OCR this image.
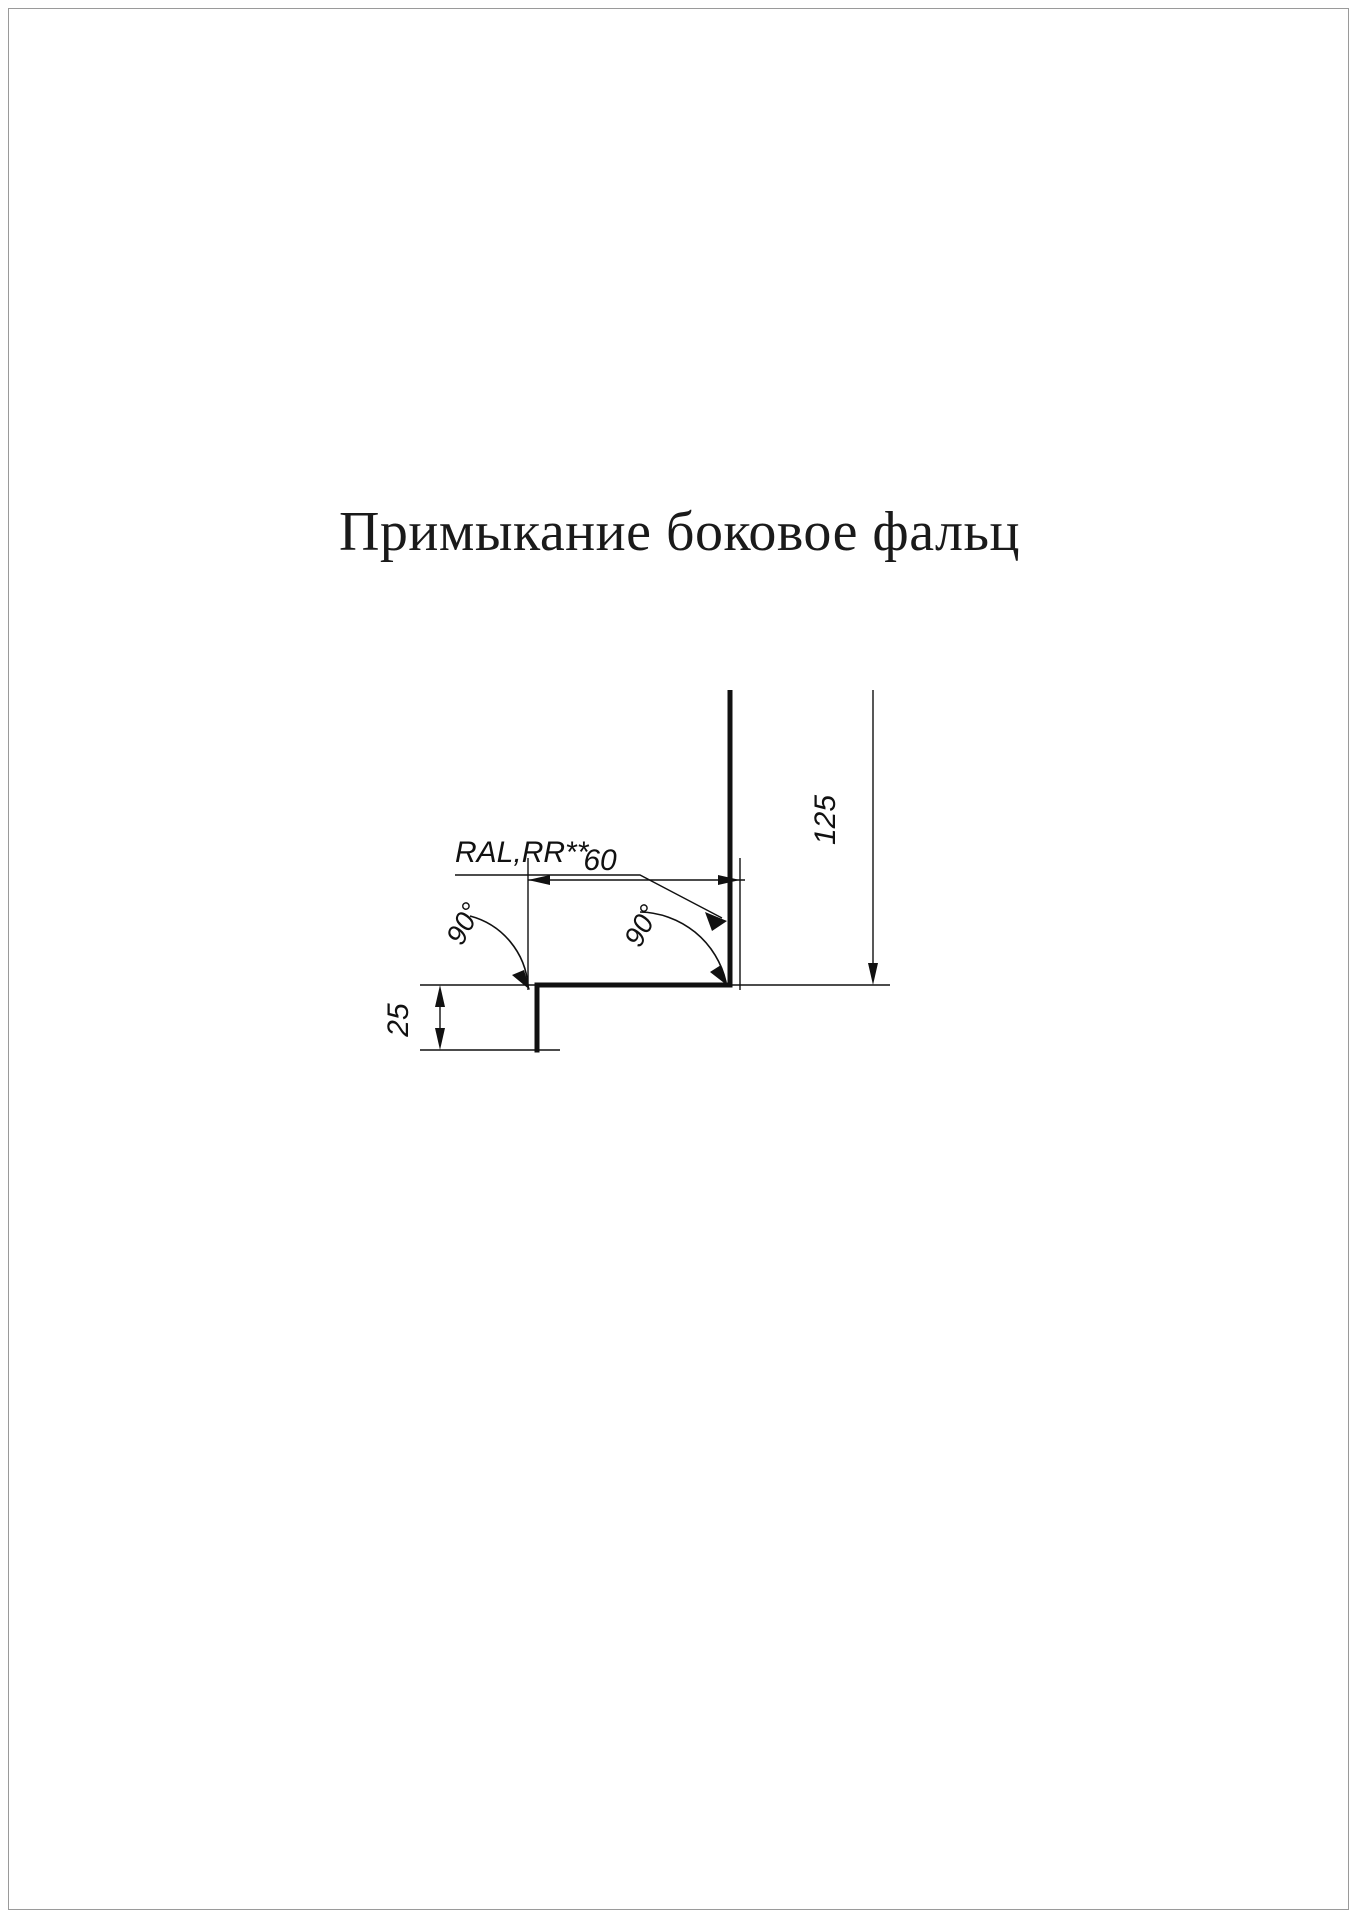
Примыкание боковое фальц
RAL,RR**
60
125
25
90°	90°
